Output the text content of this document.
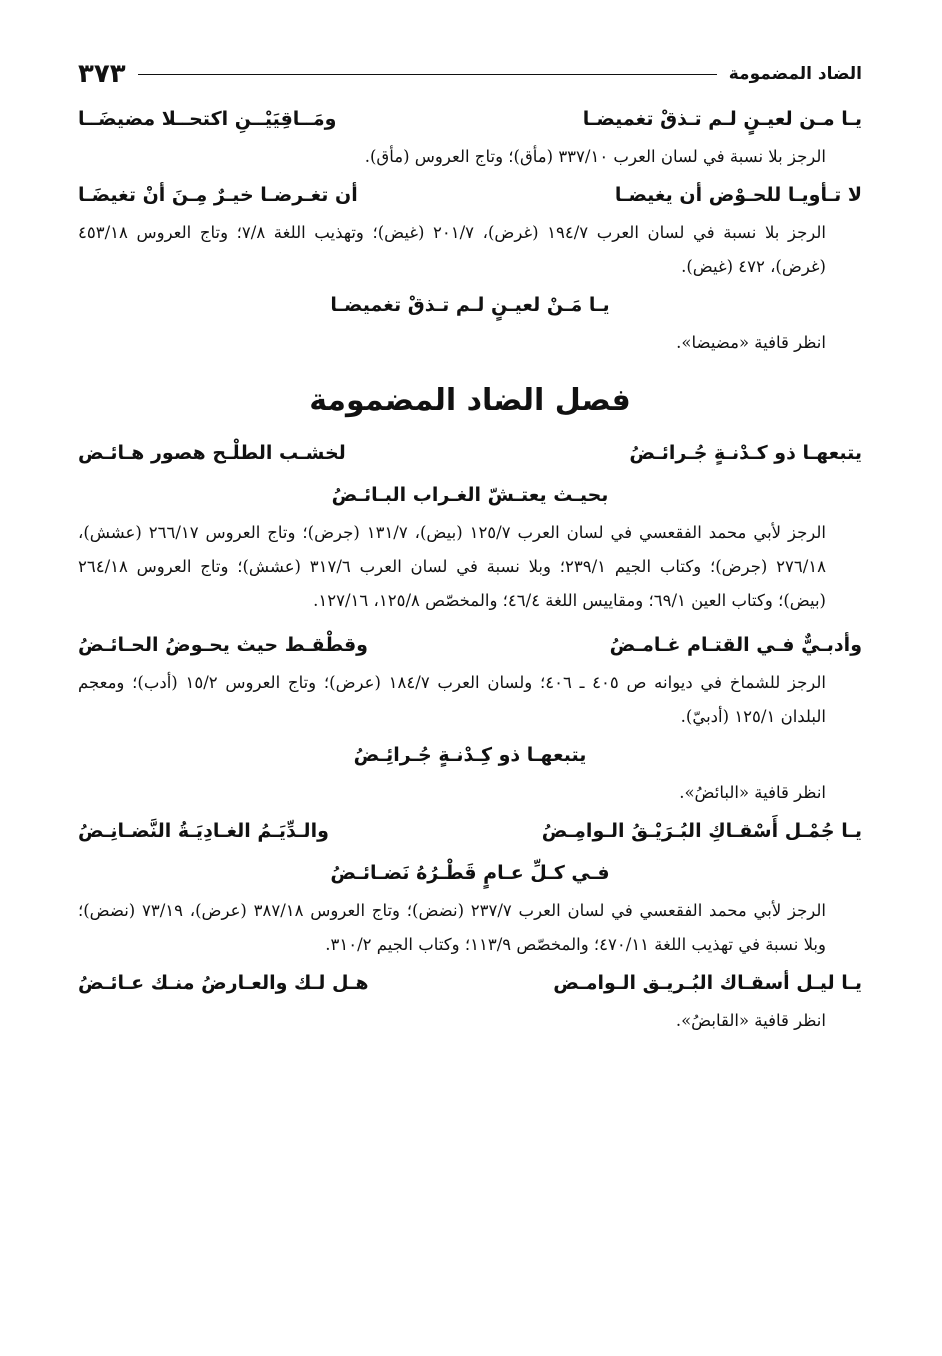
الضاد المضمومة
٣٧٣
يـا مـن لعيـنٍ لـم تـذقْ تغميضـا
ومَــاقِيَيْــنِ اكتحــلا مضيضَــا
الرجز بلا نسبة في لسان العرب ٣٣٧/١٠ (مأق)؛ وتاج العروس (مأق).
لا تـأويـا للحـوْض أن يغيضـا
أن تغـرضـا خيـرٌ مِـنَ أنْ تغيضَـا
الرجز بلا نسبة في لسان العرب ١٩٤/٧ (غرض)، ٢٠١/٧ (غيض)؛ وتهذيب اللغة ٧/٨؛ وتاج العروس ٤٥٣/١٨ (غرض)، ٤٧٢ (غيض).
يـا مَـنْ لعيـنٍ لـم تـذقْ تغميضـا
انظر قافية «مضيضا».
فصل الضاد المضمومة
يتبعهـا ذو كـدْنـةٍ جُـرائـضُ
لخشـب الطلْـح هصور هـائـض
بحيـث يعتـشّ الغـراب البـائـضُ
الرجز لأبي محمد الفقعسي في لسان العرب ١٢٥/٧ (بيض)، ١٣١/٧ (جرض)؛ وتاج العروس ٢٦٦/١٧ (عشش)، ٢٧٦/١٨ (جرض)؛ وكتاب الجيم ٢٣٩/١؛ وبلا نسبة في لسان العرب ٣١٧/٦ (عشش)؛ وتاج العروس ٢٦٤/١٨ (بيض)؛ وكتاب العين ٦٩/١؛ ومقاييس اللغة ٤٦/٤؛ والمخصّص ١٢٥/٨، ١٢٧/١٦.
وأدبـيٌّ فـي القتـام غـامـضُ
وقطْقـط حيث يحـوضُ الحـائـضُ
الرجز للشماخ في ديوانه ص ٤٠٥ ـ ٤٠٦؛ ولسان العرب ١٨٤/٧ (عرض)؛ وتاج العروس ١٥/٢ (أدب)؛ ومعجم البلدان ١٢٥/١ (أدبيّ).
يتبعهـا ذو كِـدْنـةٍ جُـرائِـضُ
انظر قافية «البائضُ».
يـا جُمْـل أَسْقـاكِ البُـرَيْـقُ الـوامِـضُ
والـدِّيَـمُ الغـادِيَـةُ النَّضـانِـضُ
فـي كـلِّ عـامٍ قَطْـرُهُ نَضـائـضُ
الرجز لأبي محمد الفقعسي في لسان العرب ٢٣٧/٧ (نضض)؛ وتاج العروس ٣٨٧/١٨ (عرض)، ٧٣/١٩ (نضض)؛ وبلا نسبة في تهذيب اللغة ٤٧٠/١١؛ والمخصّص ١١٣/٩؛ وكتاب الجيم ٣١٠/٢.
يـا ليـل أسقـاك البُـريـق الـوامـض
هـل لـك والعـارضُ منـك عـائـضُ
انظر قافية «القابضُ».
